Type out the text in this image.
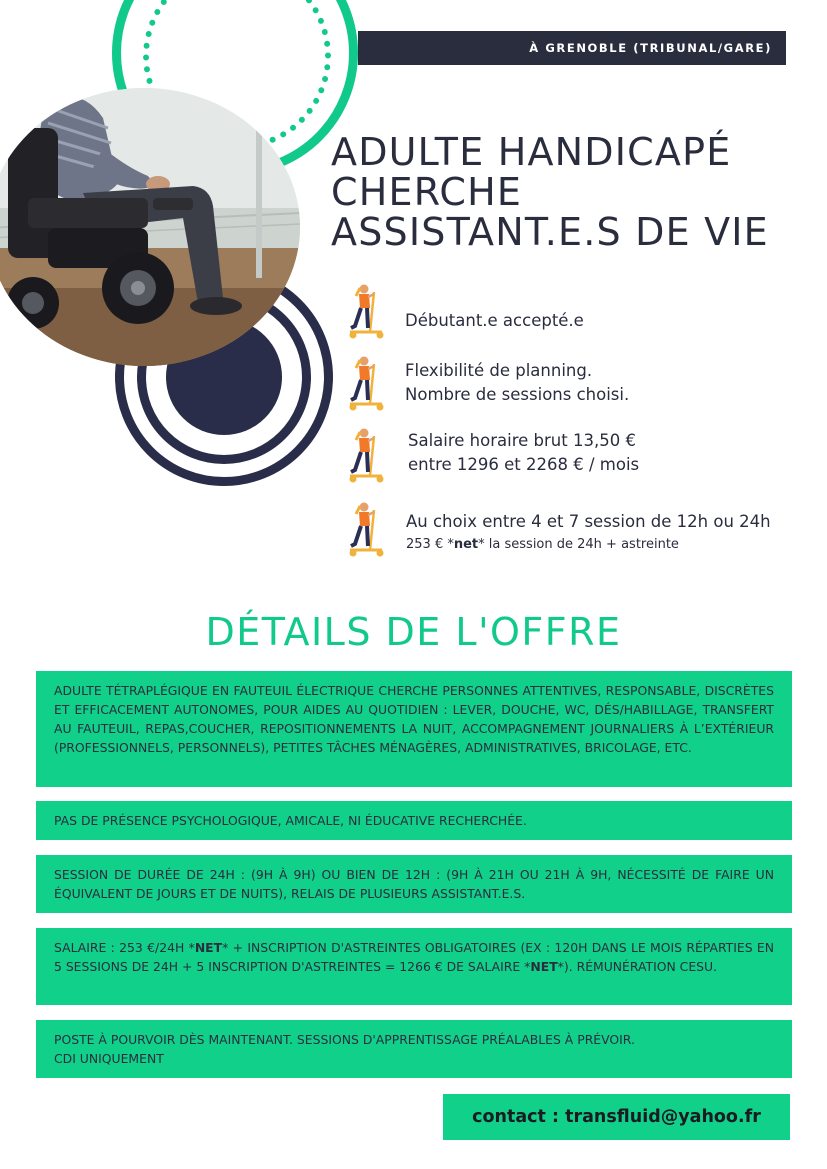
À GRENOBLE (TRIBUNAL/GARE)
ADULTE HANDICAPÉ
CHERCHE
ASSISTANT.E.S DE VIE
Débutant.e accepté.e
Flexibilité de planning.
Nombre de sessions choisi.
Salaire horaire brut 13,50 €
entre 1296 et 2268 € / mois
Au choix entre 4 et 7 session de 12h ou 24h
253 € *net* la session de 24h + astreinte
DÉTAILS DE L'OFFRE

ADULTE TÉTRAPLÉGIQUE EN FAUTEUIL ÉLECTRIQUE CHERCHE PERSONNES ATTENTIVES, RESPONSABLE, DISCRÈTES ET EFFICACEMENT AUTONOMES, POUR AIDES AU QUOTIDIEN : LEVER, DOUCHE, WC, DÉS/HABILLAGE, TRANSFERT AU FAUTEUIL, REPAS,COUCHER, REPOSITIONNEMENTS LA NUIT, ACCOMPAGNEMENT JOURNALIERS À L’EXTÉRIEUR (PROFESSIONNELS, PERSONNELS), PETITES TÂCHES MÉNAGÈRES, ADMINISTRATIVES, BRICOLAGE, ETC.

PAS DE PRÉSENCE PSYCHOLOGIQUE, AMICALE, NI ÉDUCATIVE RECHERCHÉE.

SESSION DE DURÉE DE 24H : (9H À 9H) OU BIEN DE 12H : (9H À 21H OU 21H À 9H, NÉCESSITÉ DE FAIRE UN ÉQUIVALENT DE JOURS ET DE NUITS), RELAIS DE PLUSIEURS ASSISTANT.E.S.

SALAIRE : 253 €/24H *NET* + INSCRIPTION D'ASTREINTES OBLIGATOIRES (EX : 120H DANS LE MOIS RÉPARTIES EN 5 SESSIONS DE 24H + 5 INSCRIPTION D'ASTREINTES = 1266 € DE SALAIRE *NET*). RÉMUNÉRATION CESU.

POSTE À POURVOIR DÈS MAINTENANT. SESSIONS D'APPRENTISSAGE PRÉALABLES À PRÉVOIR.

CDI UNIQUEMENT

contact : transfluid@yahoo.fr
